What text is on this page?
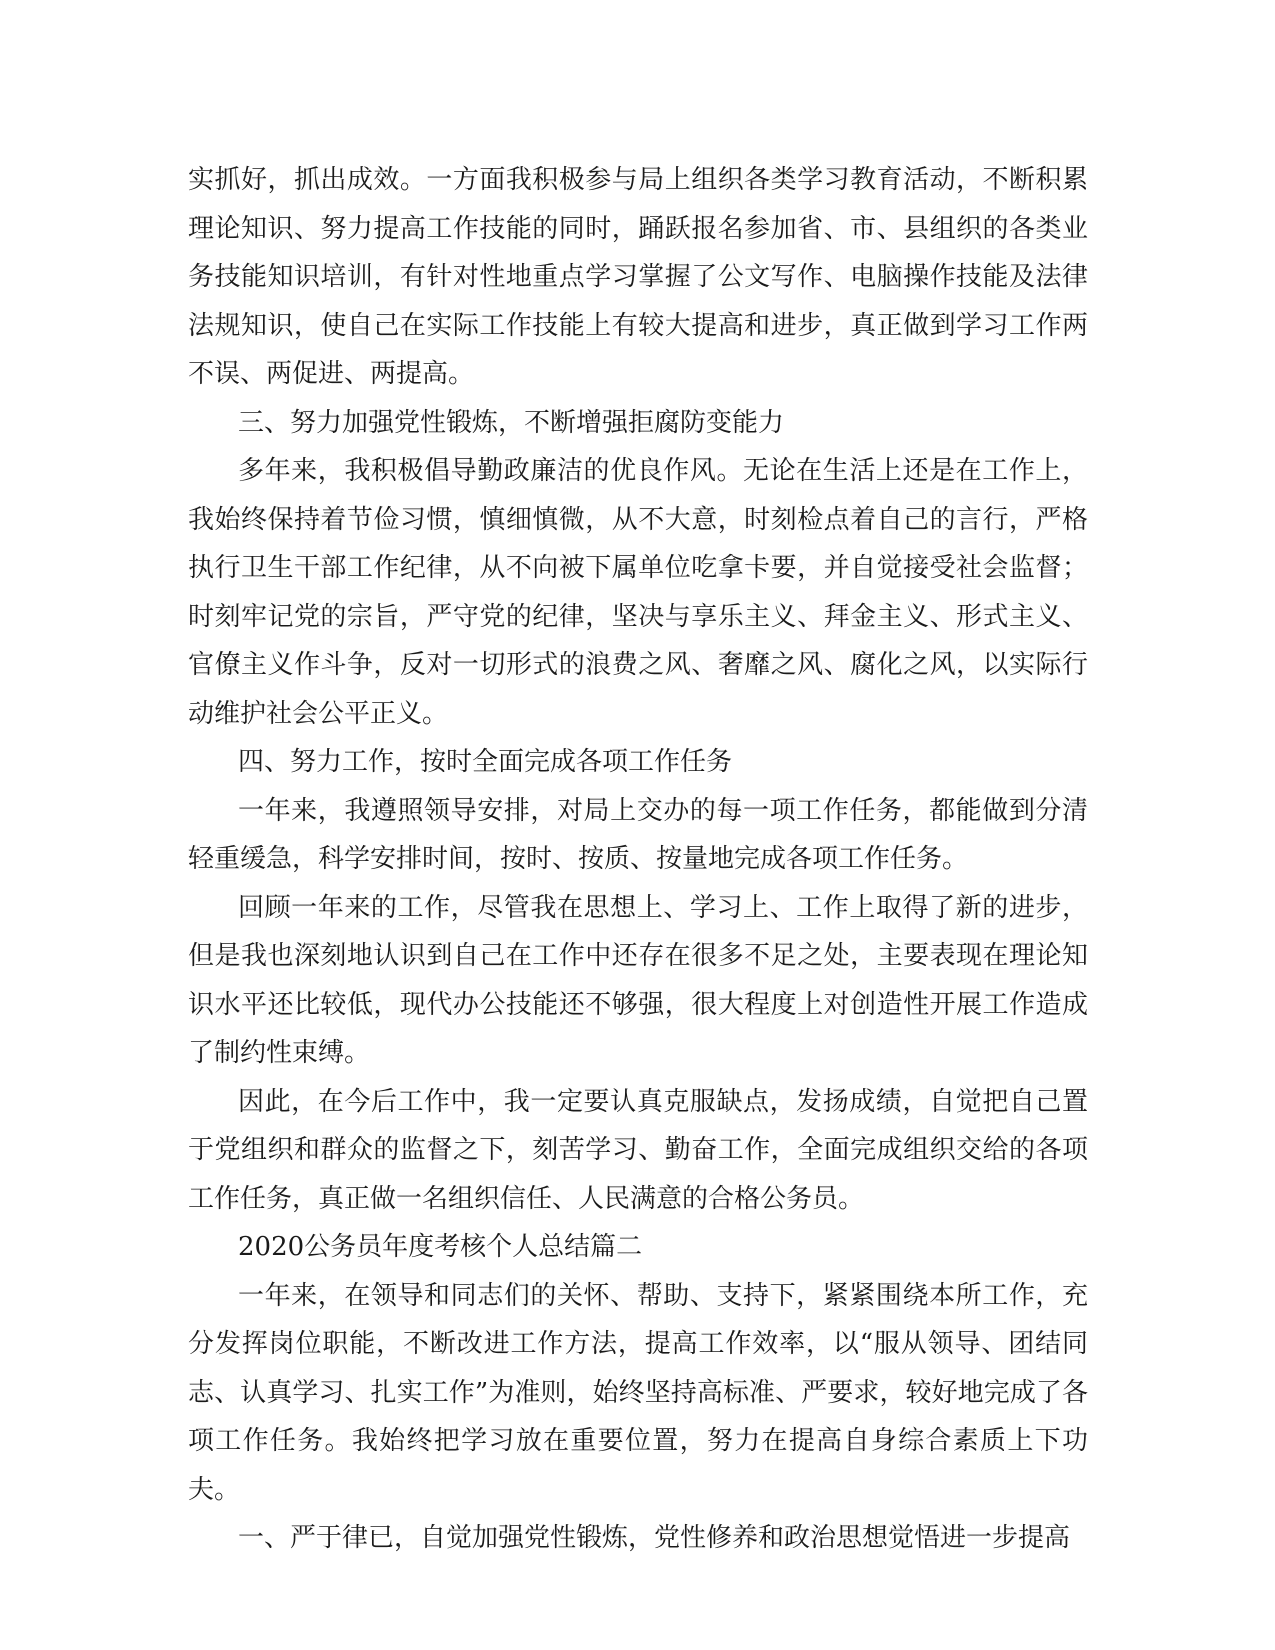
实抓好，抓出成效。一方面我积极参与局上组织各类学习教育活动，不断积累理论知识、努力提高工作技能的同时，踊跃报名参加省、市、县组织的各类业务技能知识培训，有针对性地重点学习掌握了公文写作、电脑操作技能及法律法规知识，使自己在实际工作技能上有较大提高和进步，真正做到学习工作两不误、两促进、两提高。

三、努力加强党性锻炼，不断增强拒腐防变能力

多年来，我积极倡导勤政廉洁的优良作风。无论在生活上还是在工作上，我始终保持着节俭习惯，慎细慎微，从不大意，时刻检点着自己的言行，严格执行卫生干部工作纪律，从不向被下属单位吃拿卡要，并自觉接受社会监督；时刻牢记党的宗旨，严守党的纪律，坚决与享乐主义、拜金主义、形式主义、官僚主义作斗争，反对一切形式的浪费之风、奢靡之风、腐化之风，以实际行动维护社会公平正义。

四、努力工作，按时全面完成各项工作任务

一年来，我遵照领导安排，对局上交办的每一项工作任务，都能做到分清轻重缓急，科学安排时间，按时、按质、按量地完成各项工作任务。

回顾一年来的工作，尽管我在思想上、学习上、工作上取得了新的进步，但是我也深刻地认识到自己在工作中还存在很多不足之处，主要表现在理论知识水平还比较低，现代办公技能还不够强，很大程度上对创造性开展工作造成了制约性束缚。

因此，在今后工作中，我一定要认真克服缺点，发扬成绩，自觉把自己置于党组织和群众的监督之下，刻苦学习、勤奋工作，全面完成组织交给的各项工作任务，真正做一名组织信任、人民满意的合格公务员。

2020公务员年度考核个人总结篇二

一年来，在领导和同志们的关怀、帮助、支持下，紧紧围绕本所工作，充分发挥岗位职能，不断改进工作方法，提高工作效率，以“服从领导、团结同志、认真学习、扎实工作”为准则，始终坚持高标准、严要求，较好地完成了各项工作任务。我始终把学习放在重要位置，努力在提高自身综合素质上下功夫。

一、严于律已，自觉加强党性锻炼，党性修养和政治思想觉悟进一步提高
